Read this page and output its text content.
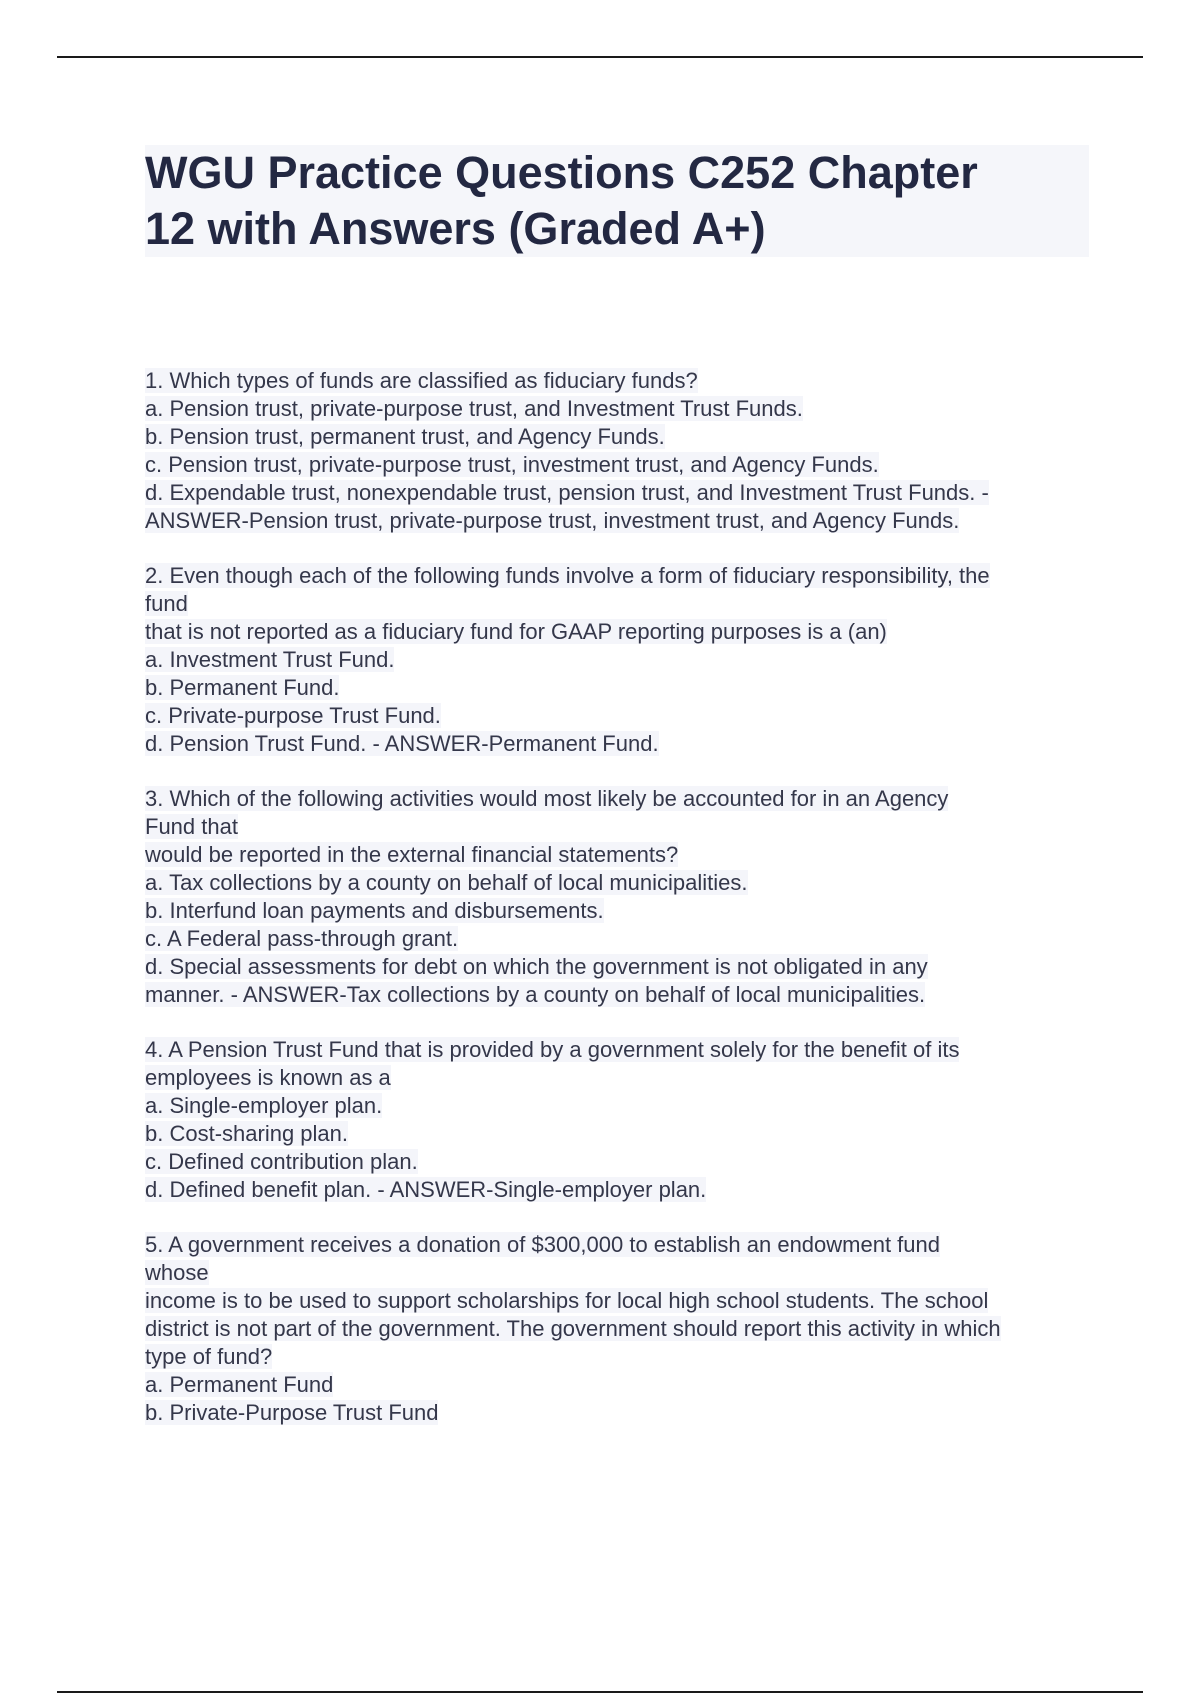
WGU Practice Questions C252 Chapter
12 with Answers (Graded A+)
1. Which types of funds are classified as fiduciary funds?
a. Pension trust, private-purpose trust, and Investment Trust Funds.
b. Pension trust, permanent trust, and Agency Funds.
c. Pension trust, private-purpose trust, investment trust, and Agency Funds.
d. Expendable trust, nonexpendable trust, pension trust, and Investment Trust Funds. -
ANSWER-Pension trust, private-purpose trust, investment trust, and Agency Funds.
2. Even though each of the following funds involve a form of fiduciary responsibility, the
fund
that is not reported as a fiduciary fund for GAAP reporting purposes is a (an)
a. Investment Trust Fund.
b. Permanent Fund.
c. Private-purpose Trust Fund.
d. Pension Trust Fund. - ANSWER-Permanent Fund.
3. Which of the following activities would most likely be accounted for in an Agency
Fund that
would be reported in the external financial statements?
a. Tax collections by a county on behalf of local municipalities.
b. Interfund loan payments and disbursements.
c. A Federal pass-through grant.
d. Special assessments for debt on which the government is not obligated in any
manner. - ANSWER-Tax collections by a county on behalf of local municipalities.
4. A Pension Trust Fund that is provided by a government solely for the benefit of its
employees is known as a
a. Single-employer plan.
b. Cost-sharing plan.
c. Defined contribution plan.
d. Defined benefit plan. - ANSWER-Single-employer plan.
5. A government receives a donation of $300,000 to establish an endowment fund
whose
income is to be used to support scholarships for local high school students. The school
district is not part of the government. The government should report this activity in which
type of fund?
a. Permanent Fund
b. Private-Purpose Trust Fund
